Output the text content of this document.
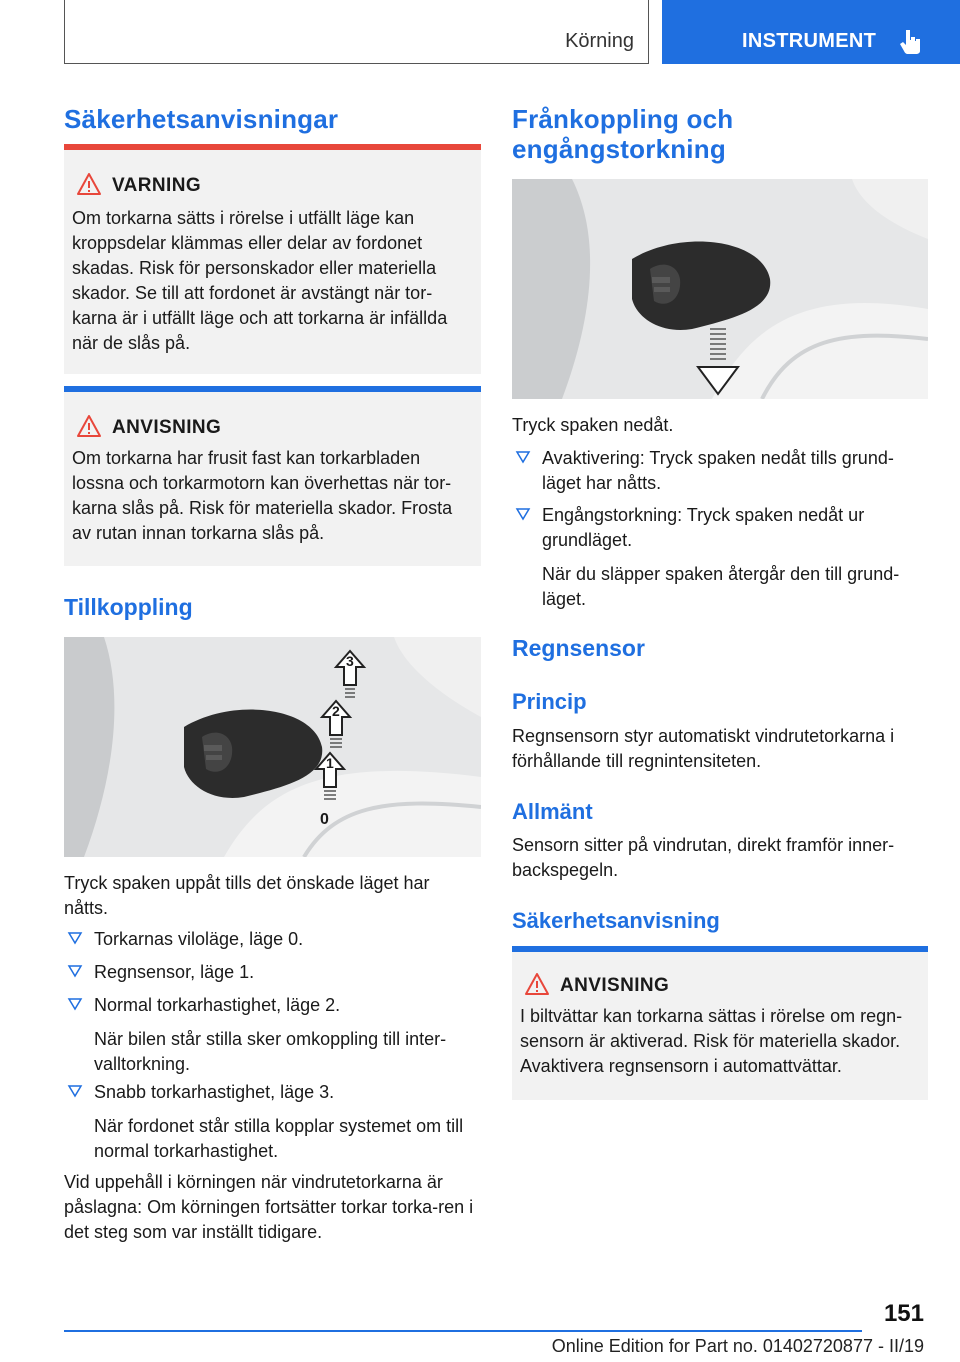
Körning	INSTRUMENT
Säkerhetsanvisningar
VARNING
Om torkarna sätts i rörelse i utfällt läge kan kroppsdelar klämmas eller delar av fordonet skadas. Risk för personskador eller materiella skador. Se till att fordonet är avstängt när tor-karna är i utfällt läge och att torkarna är infällda när de slås på.
ANVISNING
Om torkarna har frusit fast kan torkarbladen lossna och torkarmotorn kan överhettas när tor-karna slås på. Risk för materiella skador. Frosta av rutan innan torkarna slås på.
Tillkoppling
3
2
1
0
Tryck spaken uppåt tills det önskade läget har nåtts.
Torkarnas viloläge, läge 0.
Regnsensor, läge 1.
Normal torkarhastighet, läge 2.
När bilen står stilla sker omkoppling till inter-valltorkning.
Snabb torkarhastighet, läge 3.
När fordonet står stilla kopplar systemet om till normal torkarhastighet.
Vid uppehåll i körningen när vindrutetorkarna är påslagna: Om körningen fortsätter torkar torka-ren i det steg som var inställt tidigare.
Frånkoppling och engångstorkning
Tryck spaken nedåt.
Avaktivering: Tryck spaken nedåt tills grund-läget har nåtts.
Engångstorkning: Tryck spaken nedåt ur grundläget.
När du släpper spaken återgår den till grund-läget.
Regnsensor
Princip
Regnsensorn styr automatiskt vindrutetorkarna i förhållande till regnintensiteten.
Allmänt
Sensorn sitter på vindrutan, direkt framför inner-backspegeln.
Säkerhetsanvisning
ANVISNING
I biltvättar kan torkarna sättas i rörelse om regn-sensorn är aktiverad. Risk för materiella skador. Avaktivera regnsensorn i automattvättar.
151
Online Edition for Part no. 01402720877 - II/19
